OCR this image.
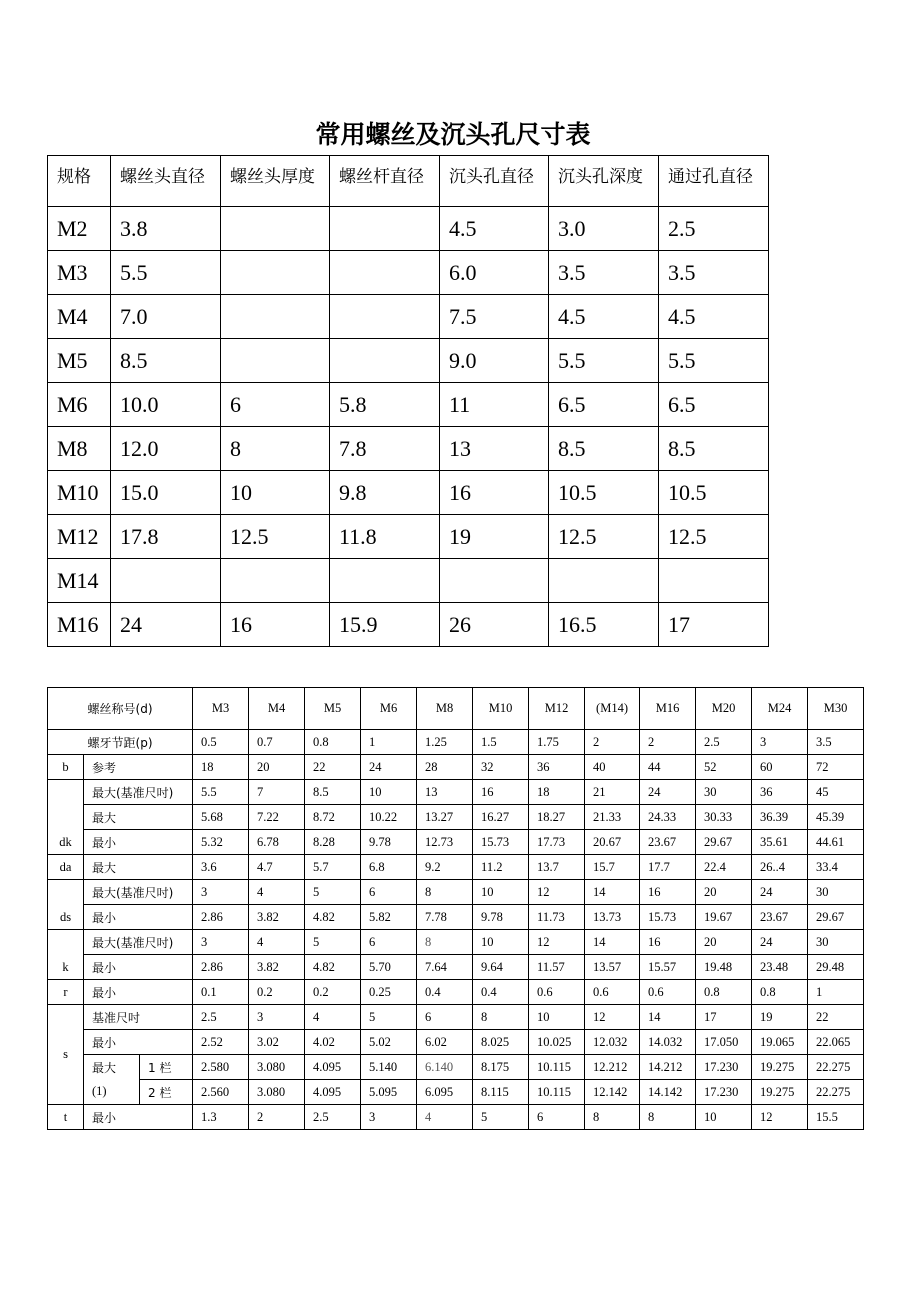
常用螺丝及沉头孔尺寸表
规格	螺丝头直径	螺丝头厚度	螺丝杆直径	沉头孔直径	沉头孔深度	通过孔直径
M2	3.8			4.5	3.0	2.5
M3	5.5			6.0	3.5	3.5
M4	7.0			7.5	4.5	4.5
M5	8.5			9.0	5.5	5.5
M6	10.0	6	5.8	11	6.5	6.5
M8	12.0	8	7.8	13	8.5	8.5
M10	15.0	10	9.8	16	10.5	10.5
M12	17.8	12.5	11.8	19	12.5	12.5
M14						
M16	24	16	15.9	26	16.5	17
螺丝称号(d)			M3	M4	M5	M6	M8	M10	M12	(M14)	M16	M20	M24	M30
螺牙节距(p)			0.5	0.7	0.8	1	1.25	1.5	1.75	2	2	2.5	3	3.5
b	参考		18	20	22	24	28	32	36	40	44	52	60	72
dk	最大(基准尺吋)		5.5	7	8.5	10	13	16	18	21	24	30	36	45
	最大		5.68	7.22	8.72	10.22	13.27	16.27	18.27	21.33	24.33	30.33	36.39	45.39
	最小		5.32	6.78	8.28	9.78	12.73	15.73	17.73	20.67	23.67	29.67	35.61	44.61
da	最大		3.6	4.7	5.7	6.8	9.2	11.2	13.7	15.7	17.7	22.4	26..4	33.4
ds	最大(基准尺吋)		3	4	5	6	8	10	12	14	16	20	24	30
	最小		2.86	3.82	4.82	5.82	7.78	9.78	11.73	13.73	15.73	19.67	23.67	29.67
k	最大(基准尺吋)		3	4	5	6	8	10	12	14	16	20	24	30
	最小		2.86	3.82	4.82	5.70	7.64	9.64	11.57	13.57	15.57	19.48	23.48	29.48
r	最小		0.1	0.2	0.2	0.25	0.4	0.4	0.6	0.6	0.6	0.8	0.8	1
s	基准尺吋		2.5	3	4	5	6	8	10	12	14	17	19	22
	最小		2.52	3.02	4.02	5.02	6.02	8.025	10.025	12.032	14.032	17.050	19.065	22.065
	最大	1 栏	2.580	3.080	4.095	5.140	6.140	8.175	10.115	12.212	14.212	17.230	19.275	22.275
	(1)	2 栏	2.560	3.080	4.095	5.095	6.095	8.115	10.115	12.142	14.142	17.230	19.275	22.275
t	最小		1.3	2	2.5	3	4	5	6	8	8	10	12	15.5
